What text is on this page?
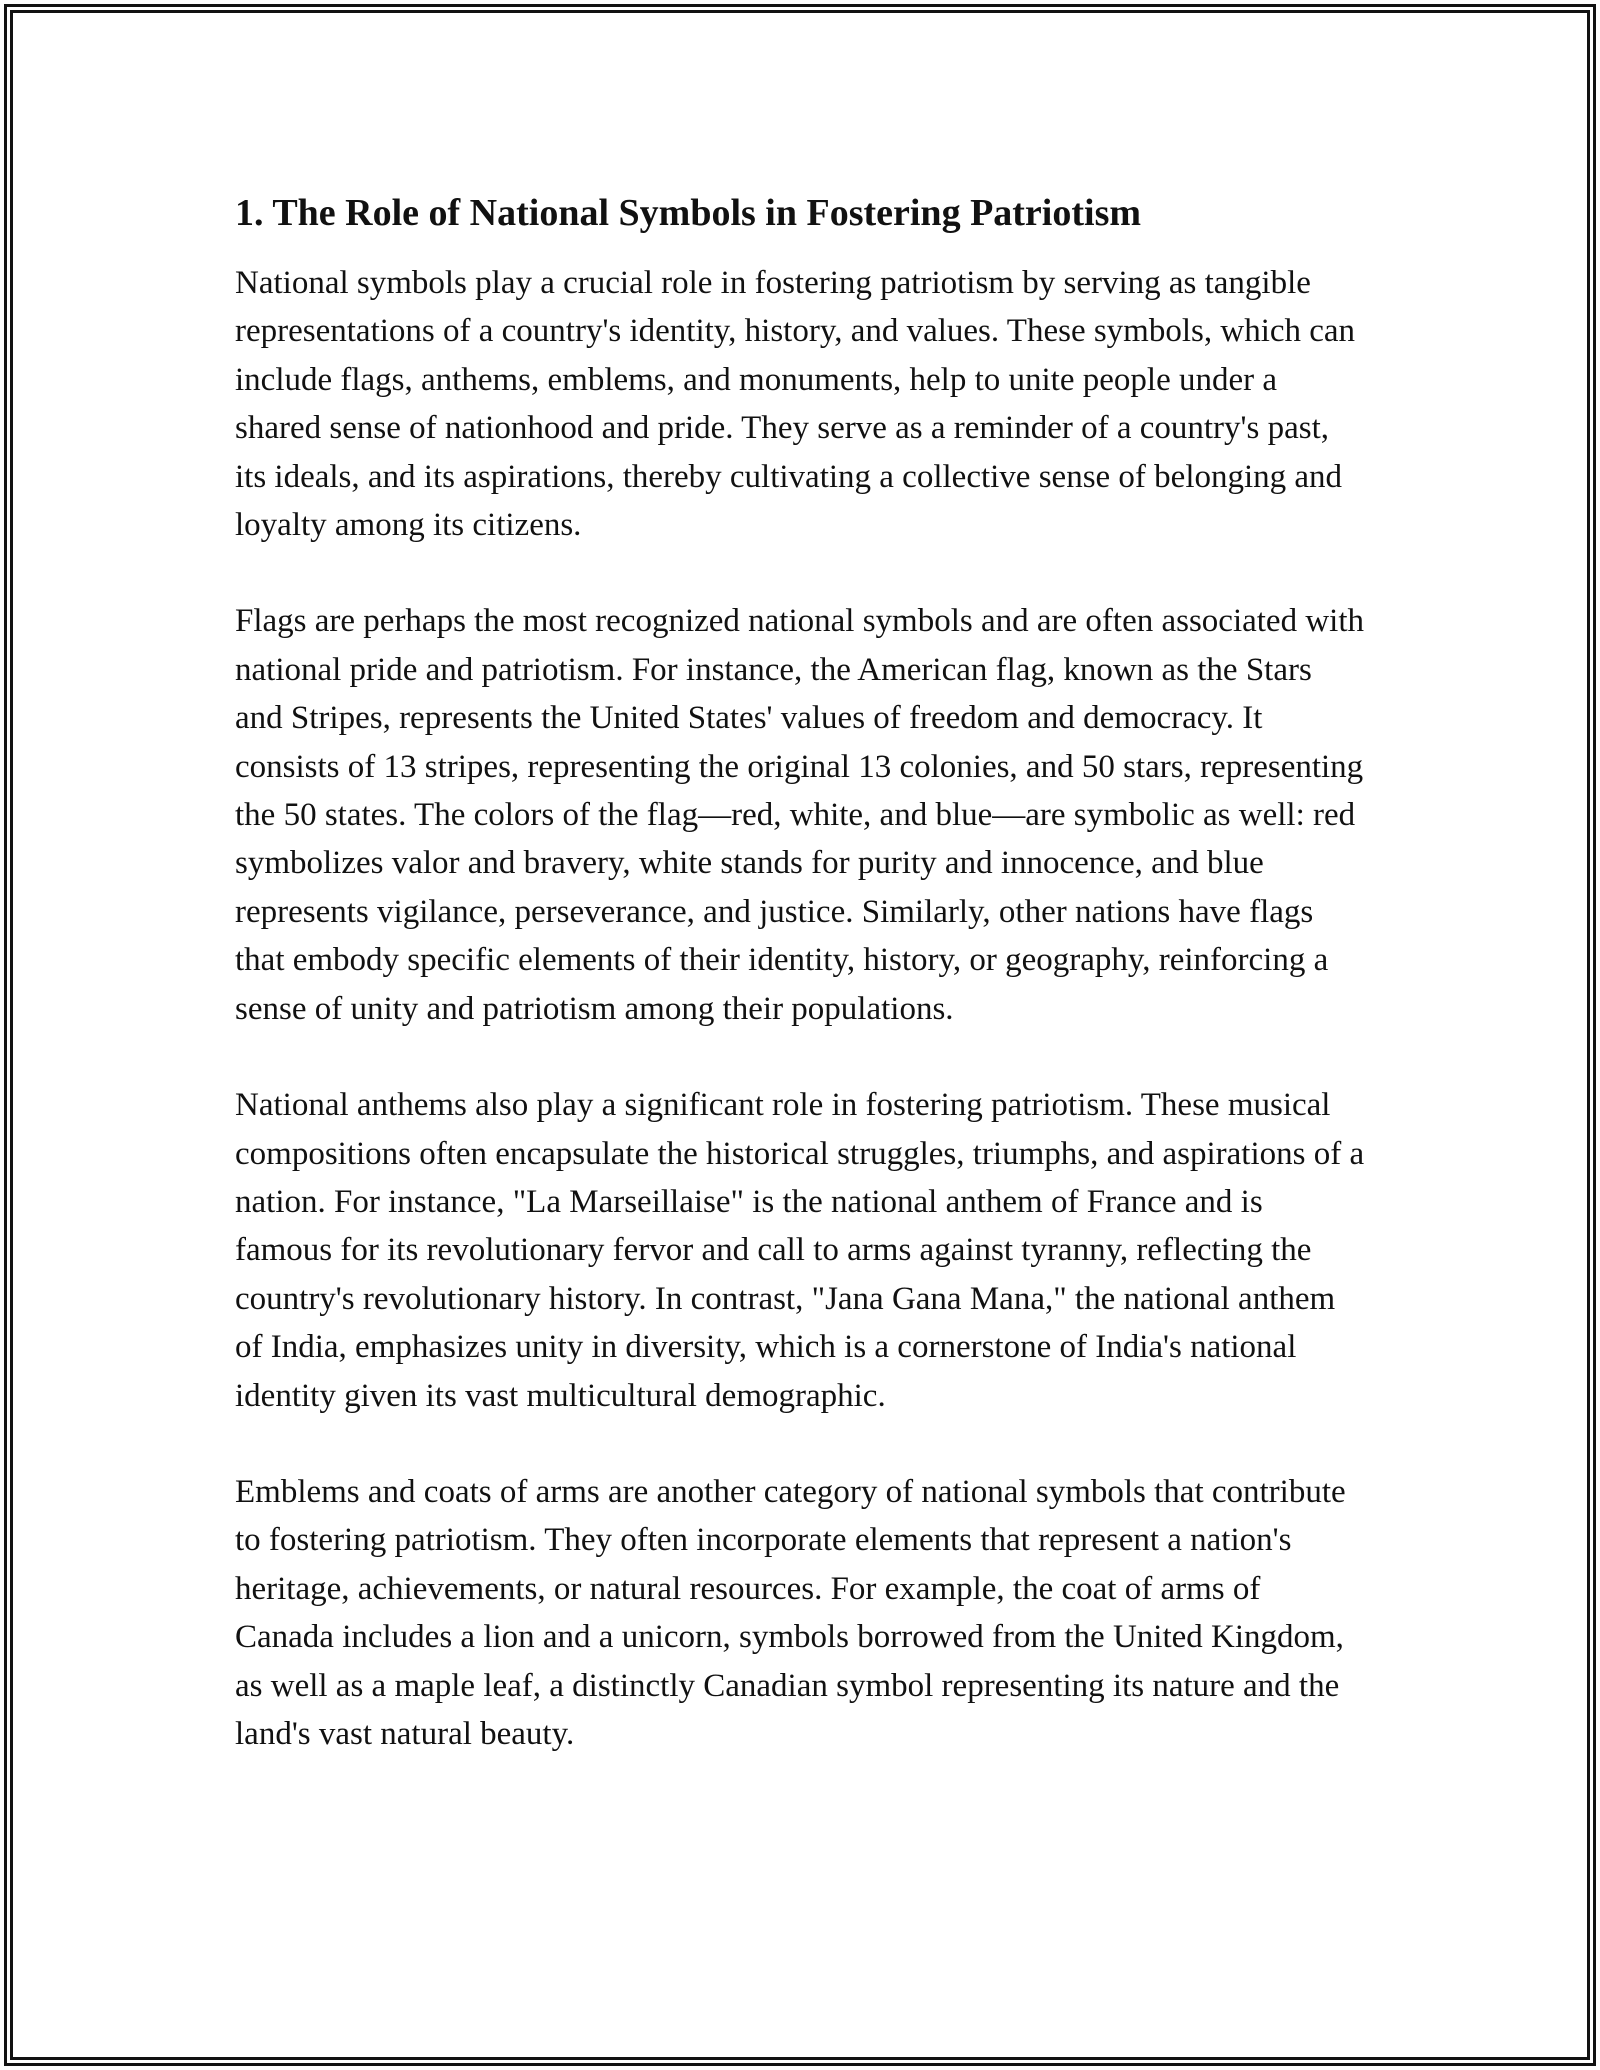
1. The Role of National Symbols in Fostering Patriotism

National symbols play a crucial role in fostering patriotism by serving as tangible representations of a country's identity, history, and values. These symbols, which can include flags, anthems, emblems, and monuments, help to unite people under a shared sense of nationhood and pride. They serve as a reminder of a country's past, its ideals, and its aspirations, thereby cultivating a collective sense of belonging and loyalty among its citizens.

Flags are perhaps the most recognized national symbols and are often associated with national pride and patriotism. For instance, the American flag, known as the Stars and Stripes, represents the United States' values of freedom and democracy. It consists of 13 stripes, representing the original 13 colonies, and 50 stars, representing the 50 states. The colors of the flag—red, white, and blue—are symbolic as well: red symbolizes valor and bravery, white stands for purity and innocence, and blue represents vigilance, perseverance, and justice. Similarly, other nations have flags that embody specific elements of their identity, history, or geography, reinforcing a sense of unity and patriotism among their populations.

National anthems also play a significant role in fostering patriotism. These musical compositions often encapsulate the historical struggles, triumphs, and aspirations of a nation. For instance, "La Marseillaise" is the national anthem of France and is famous for its revolutionary fervor and call to arms against tyranny, reflecting the country's revolutionary history. In contrast, "Jana Gana Mana," the national anthem of India, emphasizes unity in diversity, which is a cornerstone of India's national identity given its vast multicultural demographic.

Emblems and coats of arms are another category of national symbols that contribute to fostering patriotism. They often incorporate elements that represent a nation's heritage, achievements, or natural resources. For example, the coat of arms of Canada includes a lion and a unicorn, symbols borrowed from the United Kingdom, as well as a maple leaf, a distinctly Canadian symbol representing its nature and the land's vast natural beauty.
